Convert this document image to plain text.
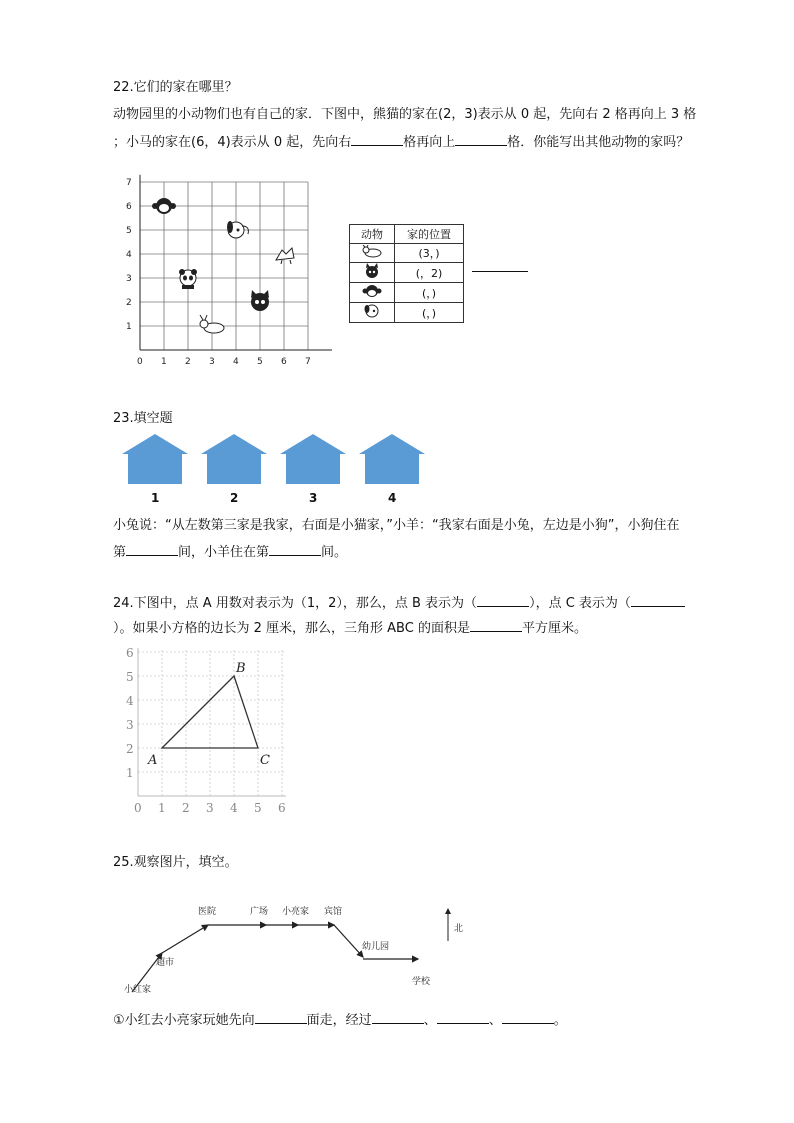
22.它们的家在哪里？
动物园里的小动物们也有自己的家．下图中，熊猫的家在(2，3)表示从 0 起，先向右 2 格再向上 3 格
；小马的家在(6，4)表示从 0 起，先向右	格再向上	格．你能写出其他动物的家吗？
0 1 2 3 4 5 6 7
1
2
3
4
5
6
7
动物	家的位置
	(3，)
	(，2)
	(，)
	(，)
23.填空题
1	2	3	4
小兔说：“从左数第三家是我家，右面是小猫家，”小羊：“我家右面是小兔，左边是小狗”，小狗住在
第	间，小羊住在第	间。
24.下图中，点 A 用数对表示为（1，2），那么，点 B 表示为（	），点 C 表示为（
）。如果小方格的边长为 2 厘米，那么，三角形 ABC 的面积是	平方厘米。
0 1 2 3 4 5 6
1
2
3
4
5
6
A
B
C
25.观察图片，填空。
医院	广场 小亮家 宾馆
幼儿园
学校
超市
小红家
北
①小红去小亮家玩她先向	面走，经过	、	、	。
